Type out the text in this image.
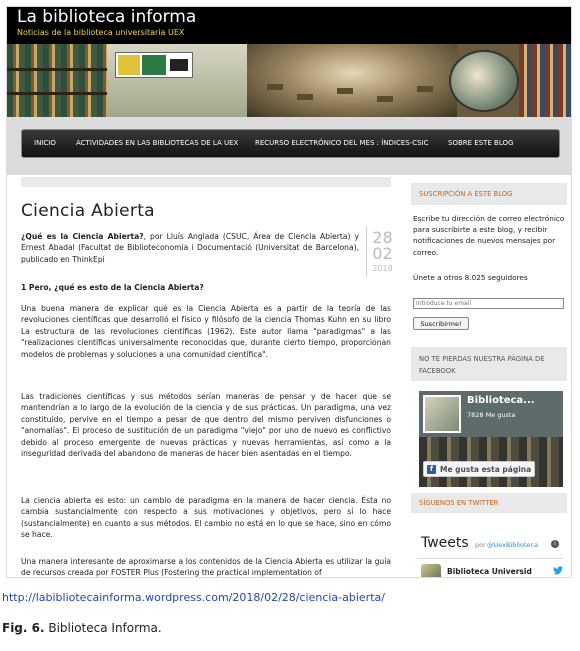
La biblioteca informa
Noticias de la biblioteca universitaria UEX
INICIO	ACTIVIDADES EN LAS BIBLIOTECAS DE LA UEX RECURSO ELECTRÓNICO DEL MES : ÍNDICES-CSIC	SOBRE ESTE BLOG
Ciencia Abierta
28
02
2018
¿Qué es la Ciencia Abierta?, por Lluís Anglada (CSUC, Área de Ciencia Abierta) y Ernest Abadal (Facultat de Biblioteconomia i Documentació (Universitat de Barcelona), publicado en ThinkEpi
1 Pero, ¿qué es esto de la Ciencia Abierta?
Una buena manera de explicar qué es la Ciencia Abierta es a partir de la teoría de las revoluciones científicas que desarrolló el físico y filósofo de la ciencia Thomas Kuhn en su libro La estructura de las revoluciones científicas (1962). Este autor llama "paradigmas" a las "realizaciones científicas universalmente reconocidas que, durante cierto tiempo, proporcionan modelos de problemas y soluciones a una comunidad científica".
Las tradiciones científicas y sus métodos serían maneras de pensar y de hacer que se mantendrían a lo largo de la evolución de la ciencia y de sus prácticas. Un paradigma, una vez constituido, pervive en el tiempo a pesar de que dentro del mismo perviven disfunciones o "anomalías". El proceso de sustitución de un paradigma "viejo" por uno de nuevo es conflictivo debido al proceso emergente de nuevas prácticas y nuevas herramientas, así como a la inseguridad derivada del abandono de maneras de hacer bien asentadas en el tiempo.
La ciencia abierta es esto: un cambio de paradigma en la manera de hacer ciencia. Ésta no cambia sustancialmente con respecto a sus motivaciones y objetivos, pero sí lo hace (sustancialmente) en cuanto a sus métodos. El cambio no está en lo que se hace, sino en cómo se hace.
Una manera interesante de aproximarse a los contenidos de la Ciencia Abierta es utilizar la guía de recursos creada por FOSTER Plus (Fostering the practical implementation of
SUSCRIPCIÓN A ESTE BLOG
Escribe tu dirección de correo electrónico para suscribirte a este blog, y recibir notificaciones de nuevos mensajes por correo.
Únete a otros 8.025 seguidores
Introduce tu email
Suscribirme!
NO TE PIERDAS NUESTRA PÁGINA DE FACEBOOK
Biblioteca...
7828 Me gusta
f Me gusta esta página
SÍGUENOS EN TWITTER
Tweets por @UexBiblioteca	i
Biblioteca Universid
http://labibliotecainforma.wordpress.com/2018/02/28/ciencia-abierta/
Fig. 6. Biblioteca Informa.
